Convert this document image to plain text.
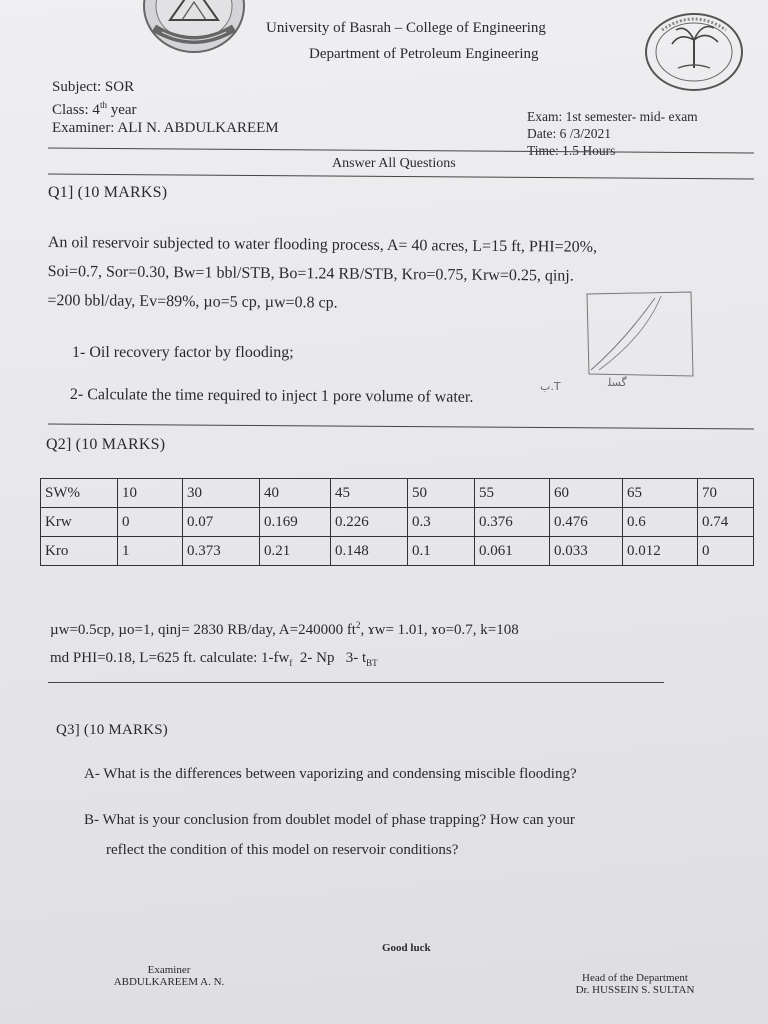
University of Basrah – College of Engineering
Department of Petroleum Engineering
Subject: SOR
Class: 4th year
Examiner: ALI N. ABDULKAREEM
Exam: 1st semester- mid- exam
Date: 6 /3/2021
Time: 1.5 Hours
Answer All Questions
Q1] (10 MARKS)
An oil reservoir subjected to water flooding process, A= 40 acres, L=15 ft, PHI=20%,
Soi=0.7, Sor=0.30, Bw=1 bbl/STB, Bo=1.24 RB/STB, Kro=0.75, Krw=0.25, qinj.
=200 bbl/day, Ev=89%, µo=5 cp, µw=0.8 cp.
1- Oil recovery factor by flooding;
ب.T	ﮔﺴﻠ
2- Calculate the time required to inject 1 pore volume of water.
Q2] (10 MARKS)
SW%	10	30	40	45	50	55	60	65	70
Krw	0	0.07	0.169	0.226	0.3	0.376	0.476	0.6	0.74
Kro	1	0.373	0.21	0.148	0.1	0.061	0.033	0.012	0
µw=0.5cp, µo=1, qinj= 2830 RB/day, A=240000 $ft^2$, ɤw= 1.01, ɤo=0.7, k=108
md PHI=0.18, L=625 ft. calculate: $1-fw_f$  2- Np   3- $t_{BT}$
Q3] (10 MARKS)
A- What is the differences between vaporizing and condensing miscible flooding?
B- What is your conclusion from doublet model of phase trapping? How can your
reflect the condition of this model on reservoir conditions?
Good luck
Examiner
ABDULKAREEM A. N.	Head of the Department
Dr. HUSSEIN S. SULTAN
